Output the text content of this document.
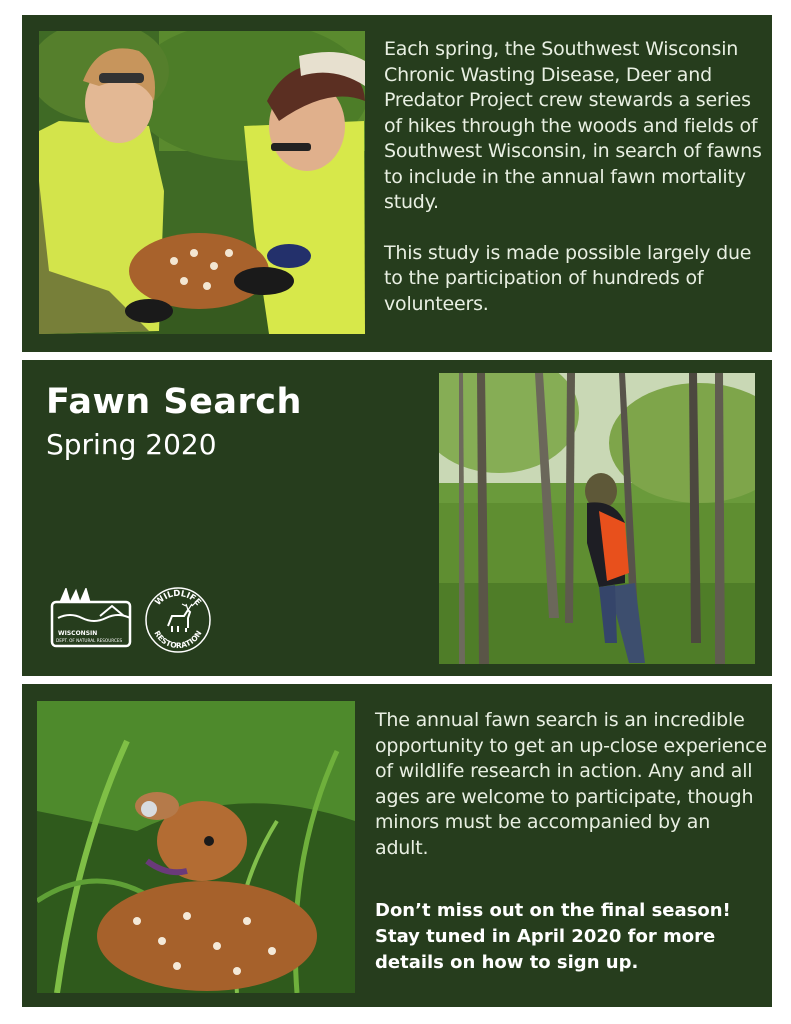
Each spring, the Southwest Wisconsin Chronic Wasting Disease, Deer and Predator Project crew stewards a series of hikes through the woods and fields of Southwest Wisconsin, in search of fawns to include in the annual fawn mortality study.

This study is made possible largely due to the participation of hundreds of volunteers.

Fawn Search
Spring 2020
WISCONSIN
DEPT. OF NATURAL RESOURCES
WILDLIFE
RESTORATION
The annual fawn search is an incredible opportunity to get an up-close experience of wildlife research in action. Any and all ages are welcome to participate, though minors must be accompanied by an adult.

Don’t miss out on the final season!

Stay tuned in April 2020 for more details on how to sign up.
